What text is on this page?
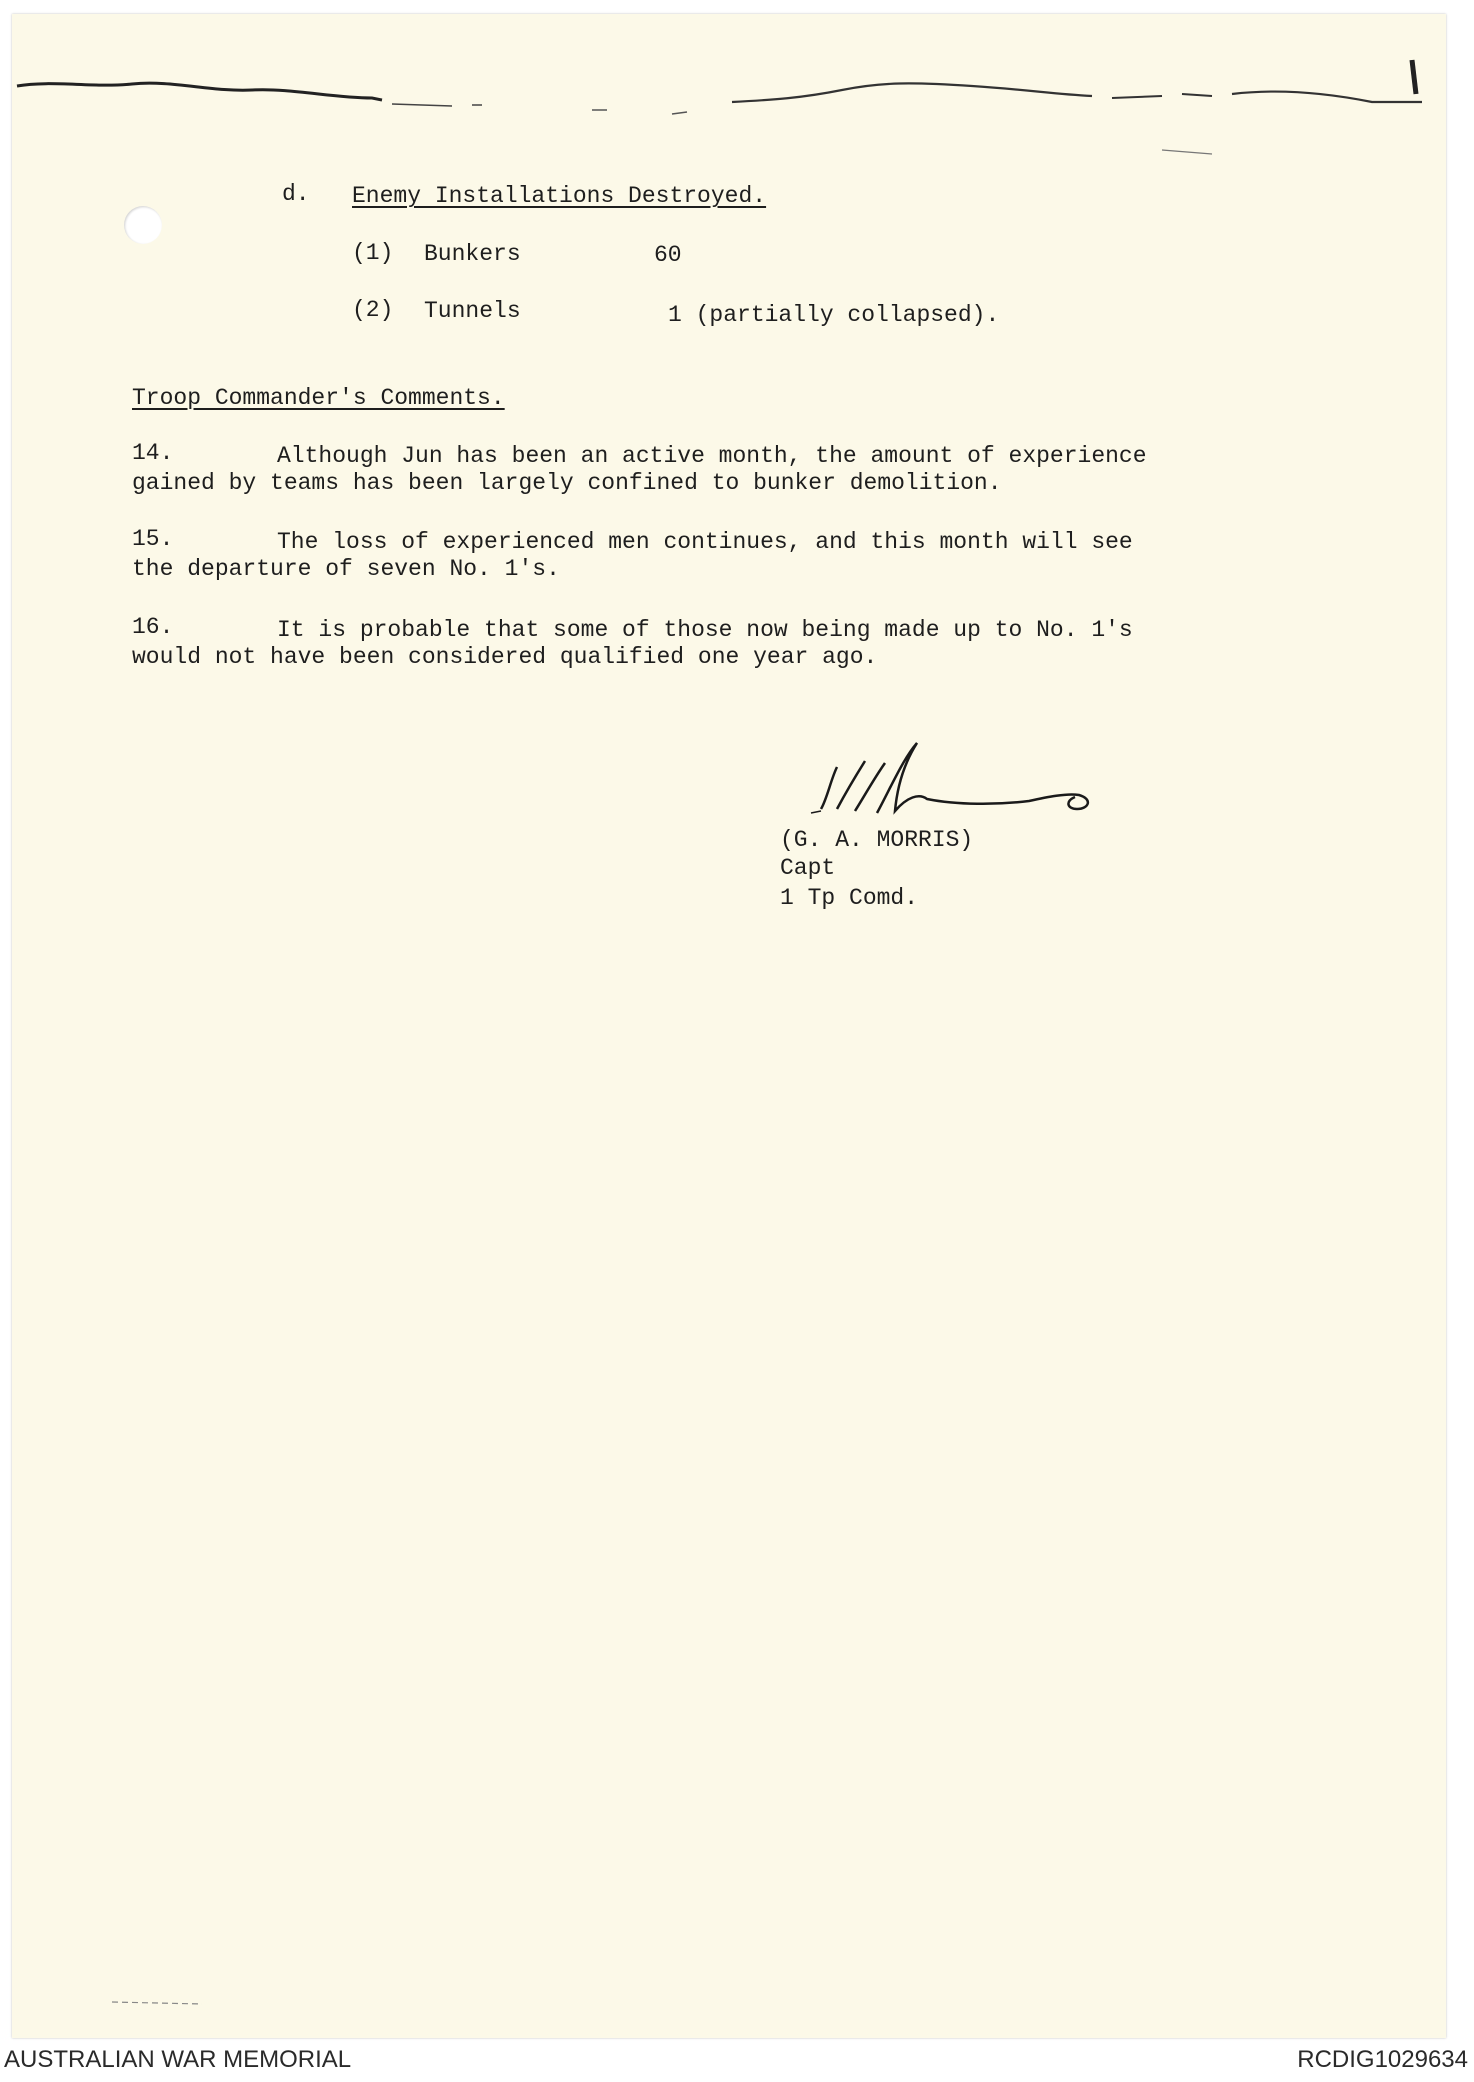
d. Enemy Installations Destroyed.
(1) Bunkers	60
(2) Tunnels	1 (partially collapsed).
Troop Commander's Comments.
14.	Although Jun has been an active month, the amount of experience
gained by teams has been largely confined to bunker demolition.
15.	The loss of experienced men continues, and this month will see
the departure of seven No. 1's.
16.	It is probable that some of those now being made up to No. 1's
would not have been considered qualified one year ago.
(G. A. MORRIS)
Capt
1 Tp Comd.
AUSTRALIAN WAR MEMORIAL	RCDIG1029634
